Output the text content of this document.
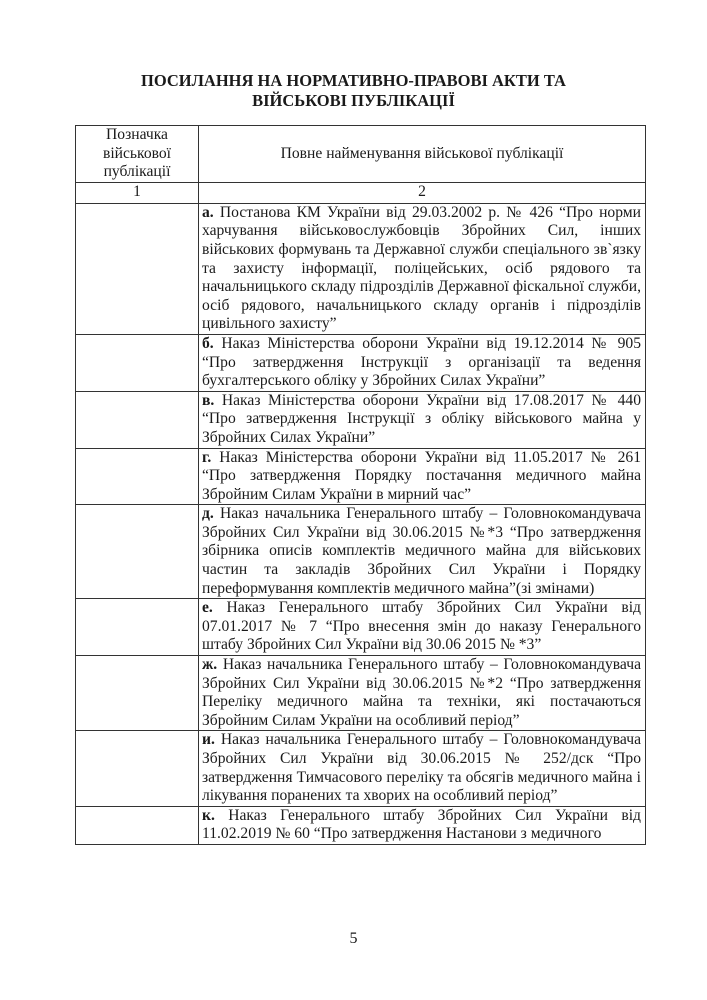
ПОСИЛАННЯ НА НОРМАТИВНО-ПРАВОВІ АКТИ ТА
ВІЙСЬКОВІ ПУБЛІКАЦІЇ
Позначка військової публікації	Повне найменування військової публікації
1	2
	а. Постанова КМ України від 29.03.2002 р. № 426 “Про норми харчування військовослужбовців Збройних Сил, інших військових формувань та Державної служби спеціального зв`язку та захисту інформації, поліцейських, осіб рядового та начальницького складу підрозділів Державної фіскальної служби, осіб рядового, начальницького складу органів і підрозділів цивільного захисту”
	б. Наказ Міністерства оборони України від 19.12.2014 № 905 “Про затвердження Інструкції з організації та ведення бухгалтерського обліку у Збройних Силах України”
	в. Наказ Міністерства оборони України від 17.08.2017 № 440 “Про затвердження Інструкції з обліку військового майна у Збройних Силах України”
	г. Наказ Міністерства оборони України від 11.05.2017 № 261 “Про затвердження Порядку постачання медичного майна Збройним Силам України в мирний час”
	д. Наказ начальника Генерального штабу – Головнокомандувача Збройних Сил України від 30.06.2015 №*3 “Про затвердження збірника описів комплектів медичного майна для військових частин та закладів Збройних Сил України і Порядку переформування комплектів медичного майна”(зі змінами)
	е. Наказ Генерального штабу Збройних Сил України від 07.01.2017 № 7 “Про внесення змін до наказу Генерального штабу Збройних Сил України від 30.06 2015 № *3”
	ж. Наказ начальника Генерального штабу – Головнокомандувача Збройних Сил України від 30.06.2015 №*2 “Про затвердження Переліку медичного майна та техніки, які постачаються Збройним Силам України на особливий період”
	и. Наказ начальника Генерального штабу – Головнокомандувача Збройних Сил України від 30.06.2015 № 252/дск “Про затвердження Тимчасового переліку та обсягів медичного майна і лікування поранених та хворих на особливий період”
	к. Наказ Генерального штабу Збройних Сил України від 11.02.2019 № 60 “Про затвердження Настанови з медичного
5
